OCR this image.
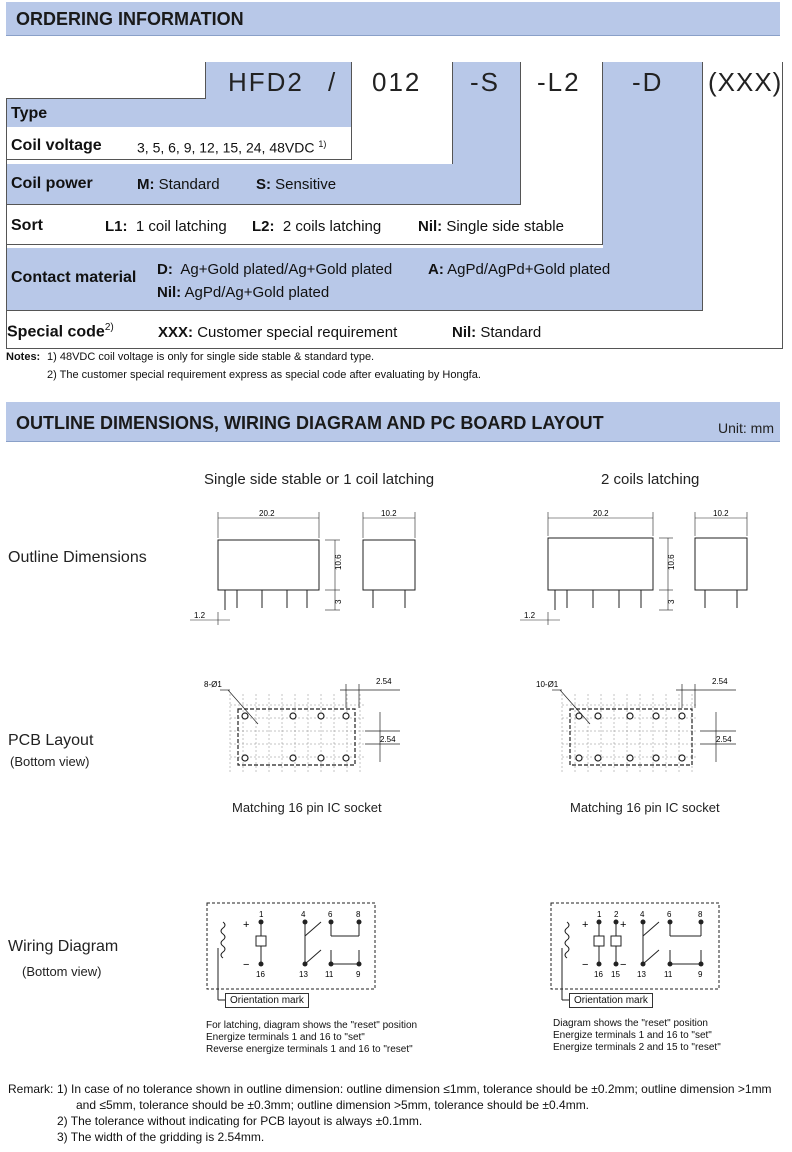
ORDERING INFORMATION
HFD2 / 012 -S -L2 -D (XXX)
Type
Coil voltage	3, 5, 6, 9, 12, 15, 24, 48VDC $^{1)}$
Coil power	M: Standard S: Sensitive
Sort	L1: 1 coil latching L2: 2 coils latching Nil: Single side stable
Contact material D: Ag+Gold plated/Ag+Gold plated A: AgPd/AgPd+Gold plated
Nil: AgPd/Ag+Gold plated
Special code$^{2)}$	XXX: Customer special requirement	Nil: Standard
Notes: 1) 48VDC coil voltage is only for single side stable & standard type.
2) The customer special requirement express as special code after evaluating by Hongfa.
OUTLINE DIMENSIONS, WIRING DIAGRAM AND PC BOARD LAYOUT	Unit: mm
Single side stable or 1 coil latching	2 coils latching
Outline Dimensions
PCB Layout
(Bottom view)
Wiring Diagram
(Bottom view)
20.2	10.2
10.6
3
1.2
20.2	10.2
10.6
3
1.2
8-Ø1	2.54
2.54
10-Ø1	2.54
2.54
Matching 16 pin IC socket	Matching 16 pin IC socket
1	4	6	8
16	13 11	9
+
−
Orientation mark
1 2	4	6	8
16 15 13 11	9
+	+
−	−
Orientation mark
For latching, diagram shows the "reset" position
Energize terminals 1 and 16 to "set"
Reverse energize terminals 1 and 16 to "reset"
Diagram shows the "reset" position
Energize terminals 1 and 16 to "set"
Energize terminals 2 and 15 to "reset"
Remark: 1) In case of no tolerance shown in outline dimension: outline dimension ≤1mm, tolerance should be ±0.2mm; outline dimension >1mm
and ≤5mm, tolerance should be ±0.3mm; outline dimension >5mm, tolerance should be ±0.4mm.
2) The tolerance without indicating for PCB layout is always ±0.1mm.
3) The width of the gridding is 2.54mm.
